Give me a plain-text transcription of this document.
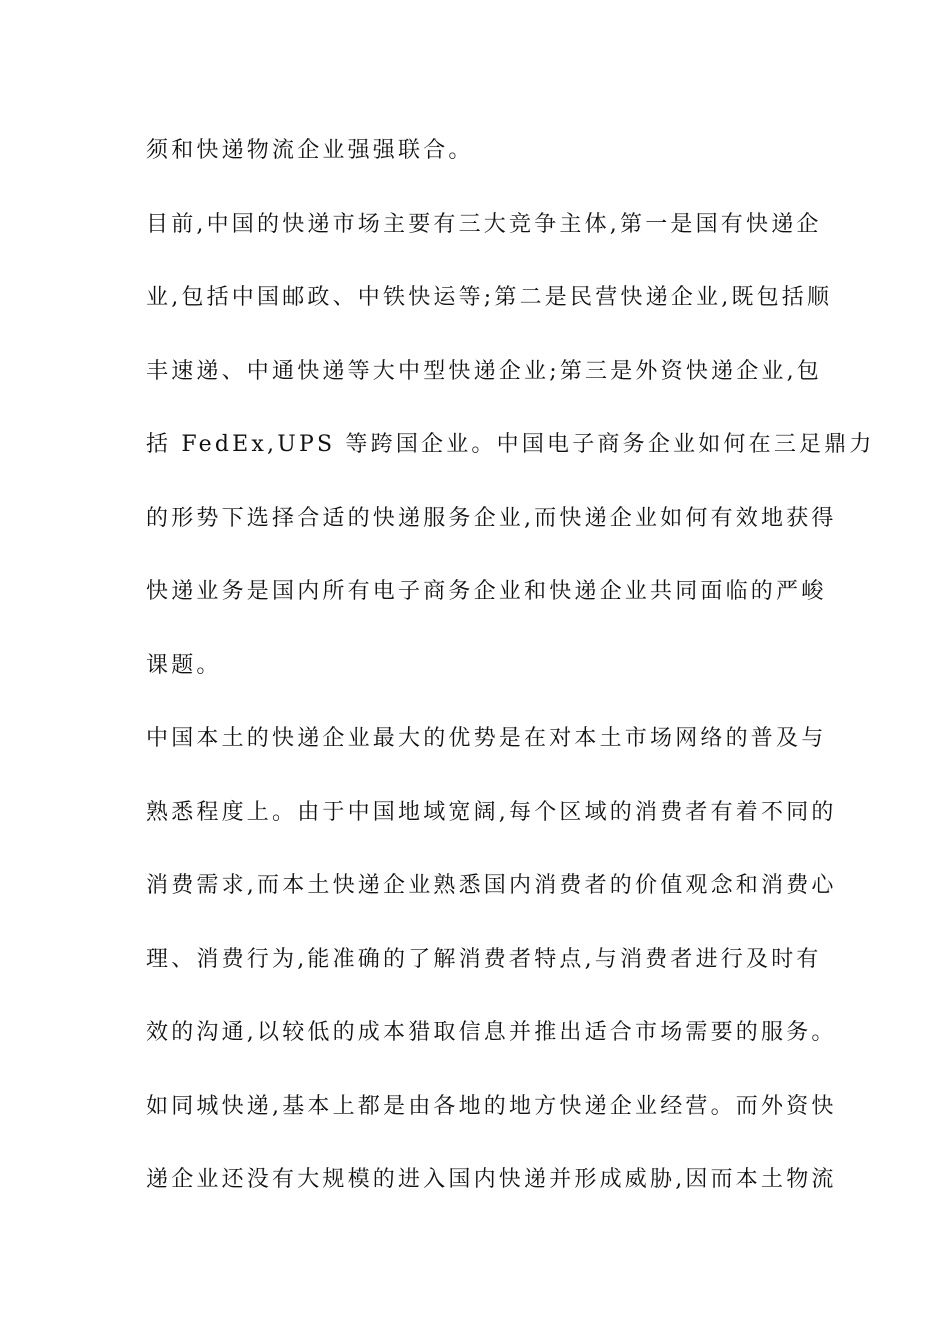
须和快递物流企业强强联合。
目前,中国的快递市场主要有三大竞争主体,第一是国有快递企
业,包括中国邮政、中铁快运等;第二是民营快递企业,既包括顺
丰速递、中通快递等大中型快递企业;第三是外资快递企业,包
括 FedEx,UPS 等跨国企业。中国电子商务企业如何在三足鼎力
的形势下选择合适的快递服务企业,而快递企业如何有效地获得
快递业务是国内所有电子商务企业和快递企业共同面临的严峻
课题。
中国本土的快递企业最大的优势是在对本土市场网络的普及与
熟悉程度上。由于中国地域宽阔,每个区域的消费者有着不同的
消费需求,而本土快递企业熟悉国内消费者的价值观念和消费心
理、消费行为,能准确的了解消费者特点,与消费者进行及时有
效的沟通,以较低的成本猎取信息并推出适合市场需要的服务。
如同城快递,基本上都是由各地的地方快递企业经营。而外资快
递企业还没有大规模的进入国内快递并形成威胁,因而本土物流
